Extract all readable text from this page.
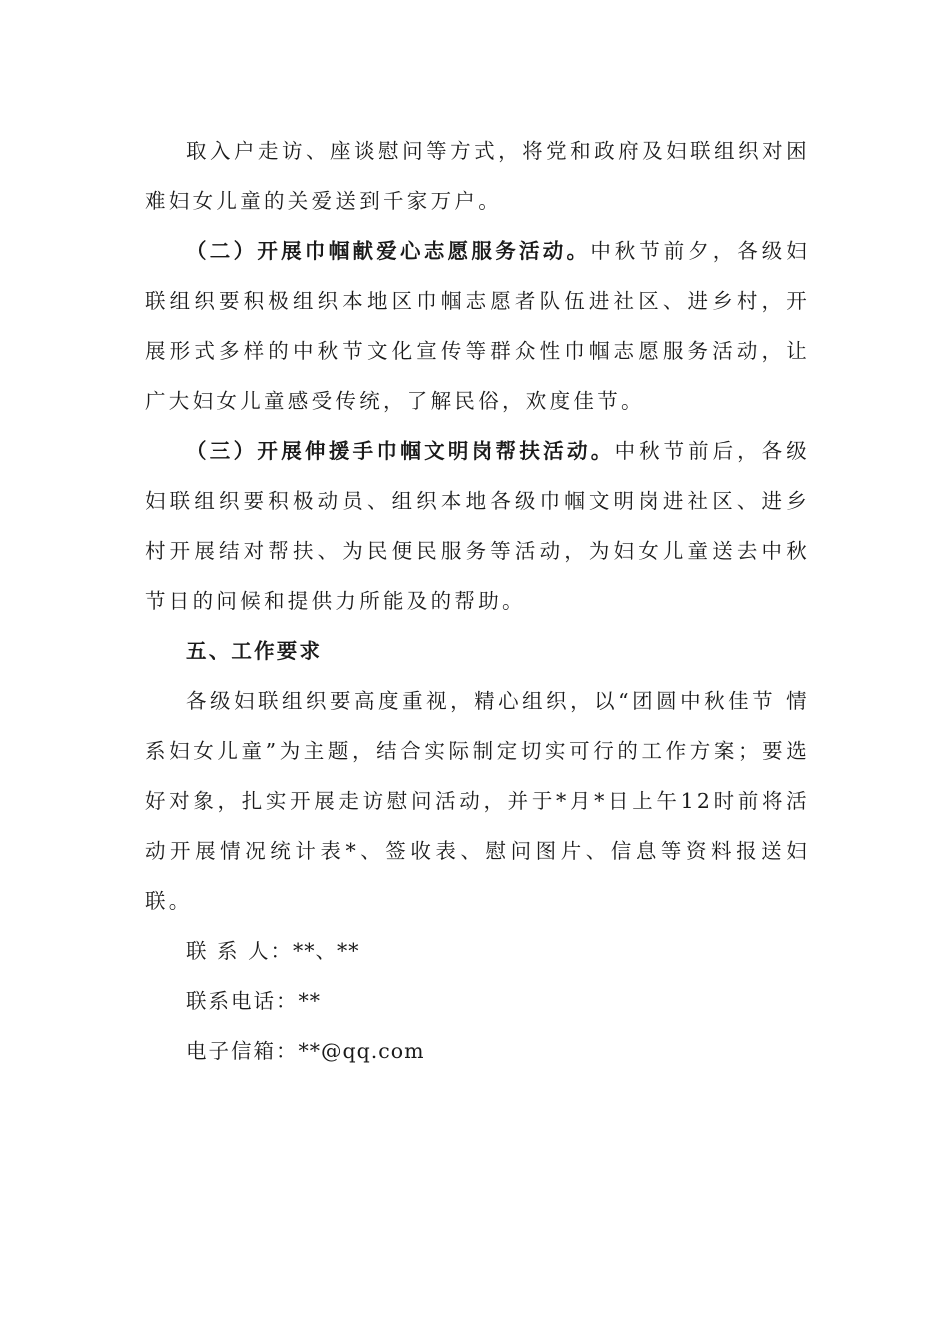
取入户走访、座谈慰问等方式，将党和政府及妇联组织对困难妇女儿童的关爱送到千家万户。

（二）开展巾帼献爱心志愿服务活动。中秋节前夕，各级妇联组织要积极组织本地区巾帼志愿者队伍进社区、进乡村，开展形式多样的中秋节文化宣传等群众性巾帼志愿服务活动，让广大妇女儿童感受传统，了解民俗，欢度佳节。

（三）开展伸援手巾帼文明岗帮扶活动。中秋节前后，各级妇联组织要积极动员、组织本地各级巾帼文明岗进社区、进乡村开展结对帮扶、为民便民服务等活动，为妇女儿童送去中秋节日的问候和提供力所能及的帮助。

五、工作要求

各级妇联组织要高度重视，精心组织，以“团圆中秋佳节 情系妇女儿童”为主题，结合实际制定切实可行的工作方案；要选好对象，扎实开展走访慰问活动，并于*月*日上午12时前将活动开展情况统计表*、签收表、慰问图片、信息等资料报送妇联。

联 系 人：**、**

联系电话：**

电子信箱：**@qq.com
